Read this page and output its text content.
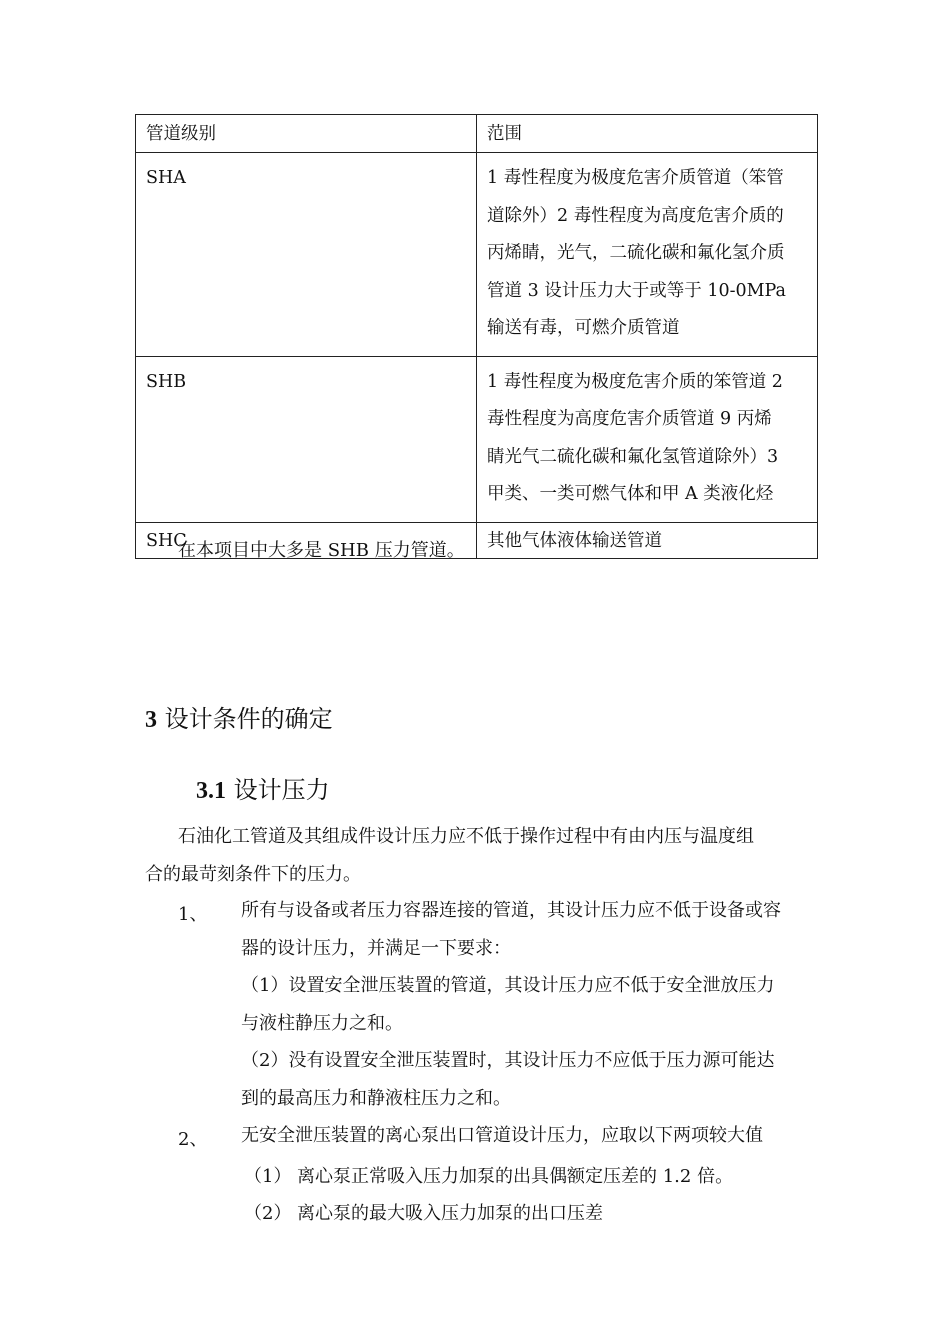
管道级别	范围
SHA	1 毒性程度为极度危害介质管道（笨管
道除外）2 毒性程度为高度危害介质的
丙烯睛，光气，二硫化碳和氟化氢介质
管道 3 设计压力大于或等于 10-0MPa
输送有毒，可燃介质管道
SHB	1 毒性程度为极度危害介质的笨管道 2
毒性程度为高度危害介质管道 9 丙烯
睛光气二硫化碳和氟化氢管道除外）3
甲类、一类可燃气体和甲 A 类液化烃
SHC	其他气体液体输送管道
在本项目中大多是 SHB 压力管道。
3 设计条件的确定
3.1 设计压力
石油化工管道及其组成件设计压力应不低于操作过程中有由内压与温度组
合的最苛刻条件下的压力。
1、 所有与设备或者压力容器连接的管道，其设计压力应不低于设备或容
器的设计压力，并满足一下要求：
（1）设置安全泄压装置的管道，其设计压力应不低于安全泄放压力
与液柱静压力之和。
（2）没有设置安全泄压装置时，其设计压力不应低于压力源可能达
到的最高压力和静液柱压力之和。
2、 无安全泄压装置的离心泵出口管道设计压力，应取以下两项较大值
（1） 离心泵正常吸入压力加泵的出具偶额定压差的 1.2 倍。
（2） 离心泵的最大吸入压力加泵的出口压差
